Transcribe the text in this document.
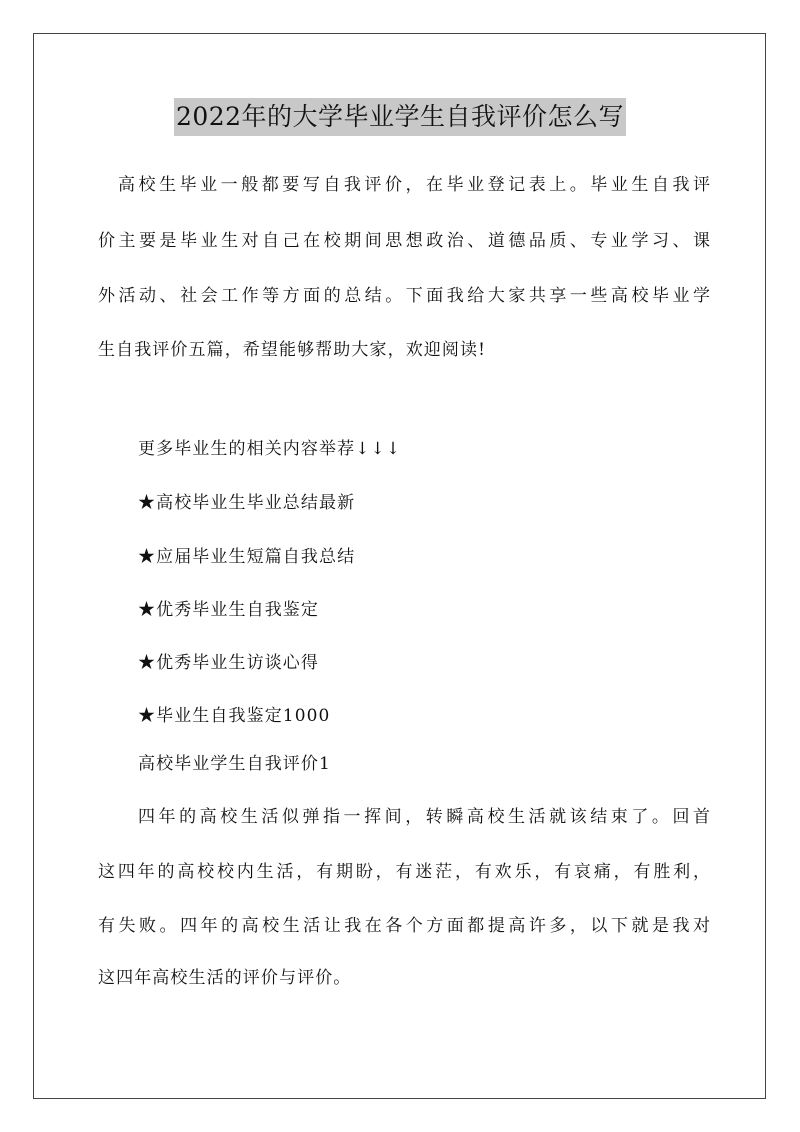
2022年的大学毕业学生自我评价怎么写
高校生毕业一般都要写自我评价，在毕业登记表上。毕业生自我评
价主要是毕业生对自己在校期间思想政治、道德品质、专业学习、课
外活动、社会工作等方面的总结。下面我给大家共享一些高校毕业学
生自我评价五篇，希望能够帮助大家，欢迎阅读!
更多毕业生的相关内容举荐↓↓↓
★高校毕业生毕业总结最新
★应届毕业生短篇自我总结
★优秀毕业生自我鉴定
★优秀毕业生访谈心得
★毕业生自我鉴定1000
高校毕业学生自我评价1
四年的高校生活似弹指一挥间，转瞬高校生活就该结束了。回首
这四年的高校校内生活，有期盼，有迷茫，有欢乐，有哀痛，有胜利，
有失败。四年的高校生活让我在各个方面都提高许多，以下就是我对
这四年高校生活的评价与评价。
